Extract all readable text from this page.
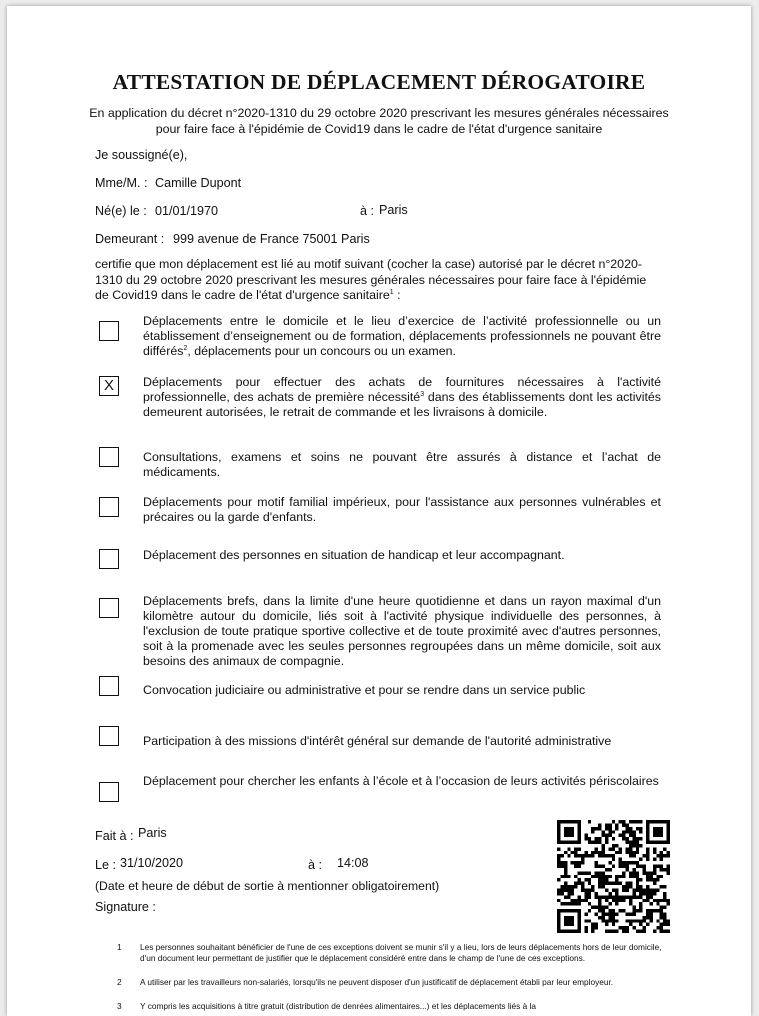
ATTESTATION DE DÉPLACEMENT DÉROGATOIRE
En application du décret n°2020-1310 du 29 octobre 2020 prescrivant les mesures générales nécessaires pour faire face à l'épidémie de Covid19 dans le cadre de l'état d'urgence sanitaire
Je soussigné(e),
Mme/M. : Camille Dupont
Né(e) le : 01/01/1970	à : Paris
Demeurant : 999 avenue de France 75001 Paris
certifie que mon déplacement est lié au motif suivant (cocher la case) autorisé par le décret n°2020-1310 du 29 octobre 2020 prescrivant les mesures générales nécessaires pour faire face à l'épidémie de Covid19 dans le cadre de l'état d'urgence sanitaire$^1$ :
Déplacements entre le domicile et le lieu d’exercice de l’activité professionnelle ou un établissement d’enseignement ou de formation, déplacements professionnels ne pouvant être différés$^2$, déplacements pour un concours ou un examen.
X	Déplacements pour effectuer des achats de fournitures nécessaires à l'activité professionnelle, des achats de première nécessité$^3$ dans des établissements dont les activités demeurent autorisées, le retrait de commande et les livraisons à domicile.
Consultations, examens et soins ne pouvant être assurés à distance et l’achat de médicaments.
Déplacements pour motif familial impérieux, pour l'assistance aux personnes vulnérables et précaires ou la garde d'enfants.
Déplacement des personnes en situation de handicap et leur accompagnant.
Déplacements brefs, dans la limite d'une heure quotidienne et dans un rayon maximal d'un kilomètre autour du domicile, liés soit à l'activité physique individuelle des personnes, à l'exclusion de toute pratique sportive collective et de toute proximité avec d'autres personnes, soit à la promenade avec les seules personnes regroupées dans un même domicile, soit aux besoins des animaux de compagnie.
Convocation judiciaire ou administrative et pour se rendre dans un service public
Participation à des missions d'intérêt général sur demande de l'autorité administrative
Déplacement pour chercher les enfants à l’école et à l’occasion de leurs activités périscolaires
Fait à : Paris
Le : 31/10/2020	à : 14:08
(Date et heure de début de sortie à mentionner obligatoirement)
Signature :
1 Les personnes souhaitant bénéficier de l'une de ces exceptions doivent se munir s'il y a lieu, lors de leurs déplacements hors de leur domicile, d'un document leur permettant de justifier que le déplacement considéré entre dans le champ de l'une de ces exceptions.
2 A utiliser par les travailleurs non-salariés, lorsqu'ils ne peuvent disposer d'un justificatif de déplacement établi par leur employeur.
3 Y compris les acquisitions à titre gratuit (distribution de denrées alimentaires...) et les déplacements liés à la
